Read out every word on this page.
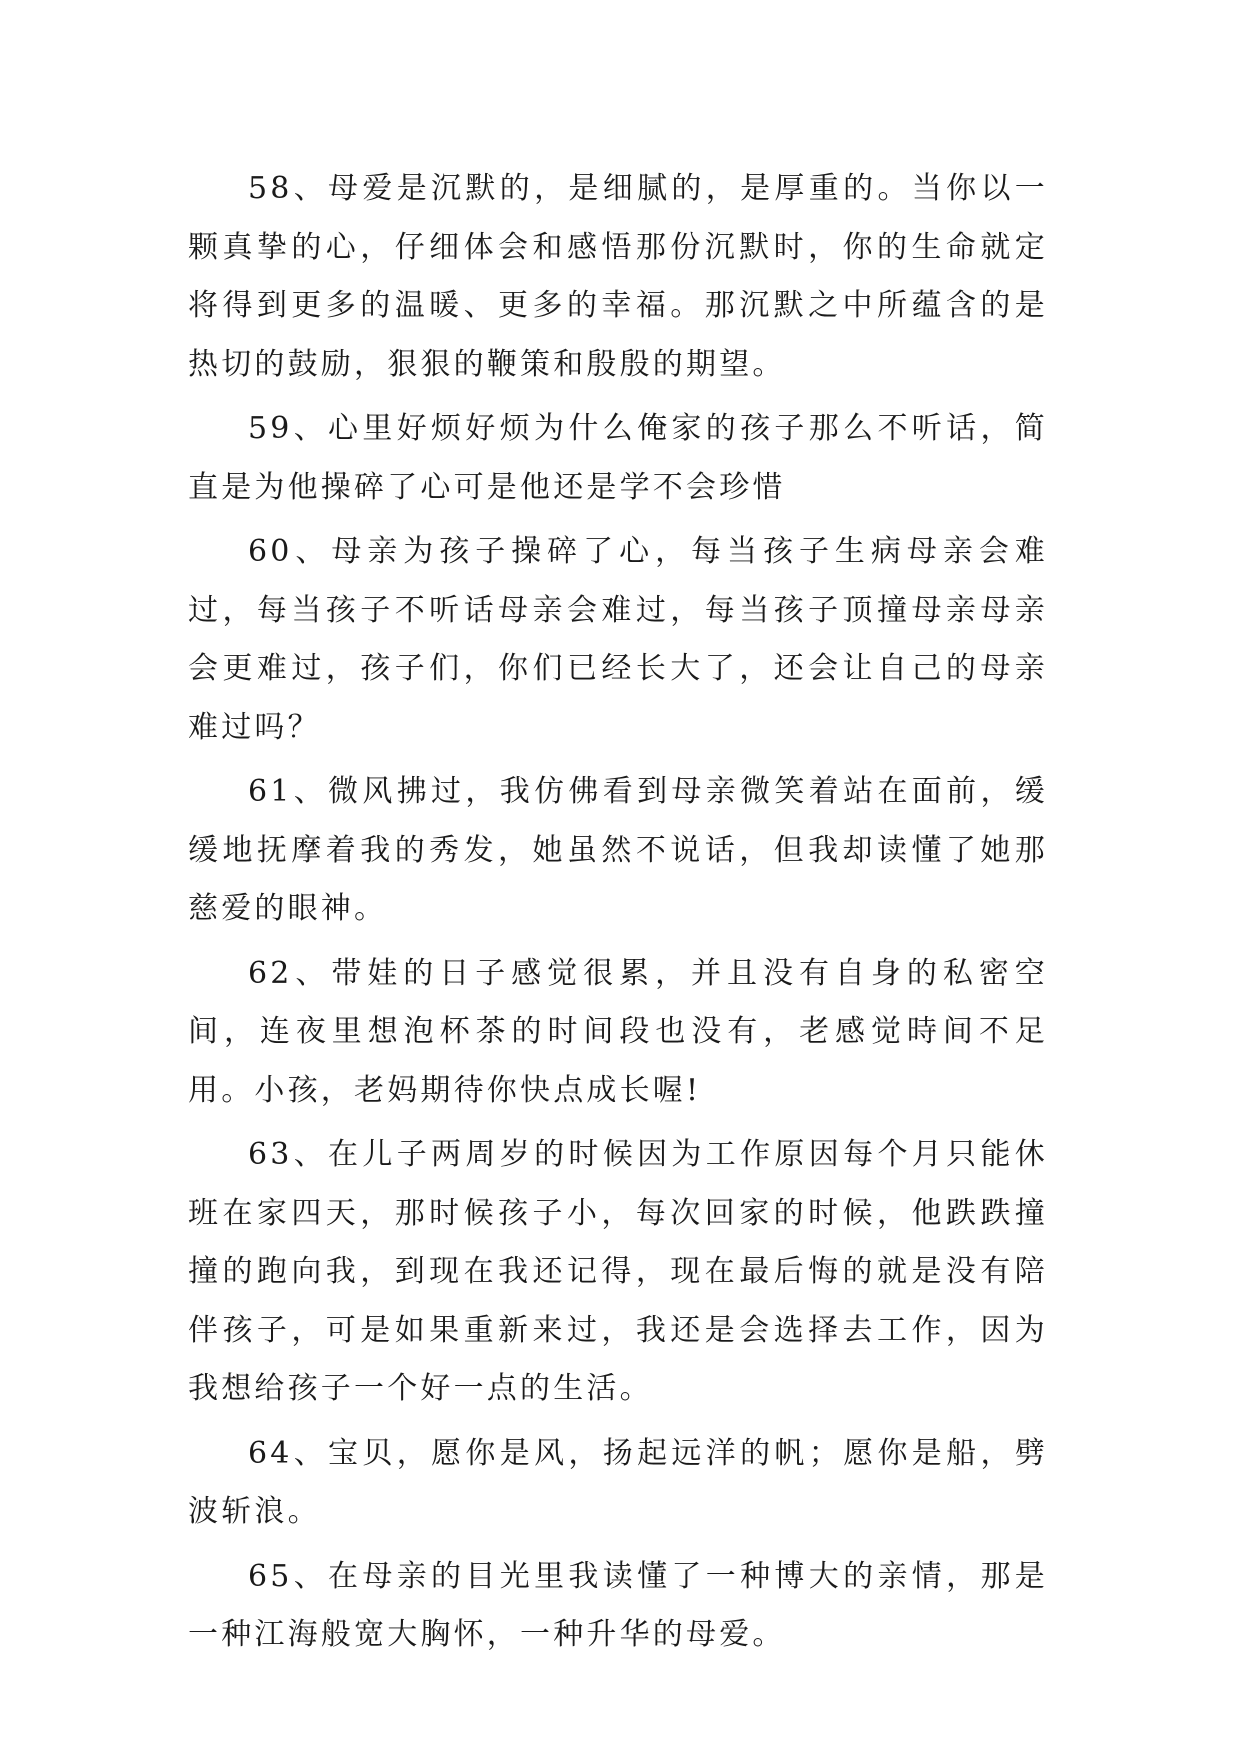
58、母爱是沉默的，是细腻的，是厚重的。当你以一颗真挚的心，仔细体会和感悟那份沉默时，你的生命就定将得到更多的温暖、更多的幸福。那沉默之中所蕴含的是热切的鼓励，狠狠的鞭策和殷殷的期望。

59、心里好烦好烦为什么俺家的孩子那么不听话，简直是为他操碎了心可是他还是学不会珍惜

60、母亲为孩子操碎了心，每当孩子生病母亲会难过，每当孩子不听话母亲会难过，每当孩子顶撞母亲母亲会更难过，孩子们，你们已经长大了，还会让自己的母亲难过吗？

61、微风拂过，我仿佛看到母亲微笑着站在面前，缓缓地抚摩着我的秀发，她虽然不说话，但我却读懂了她那慈爱的眼神。

62、带娃的日子感觉很累，并且没有自身的私密空间，连夜里想泡杯茶的时间段也没有，老感觉時间不足用。小孩，老妈期待你快点成长喔!

63、在儿子两周岁的时候因为工作原因每个月只能休班在家四天，那时候孩子小，每次回家的时候，他跌跌撞撞的跑向我，到现在我还记得，现在最后悔的就是没有陪伴孩子，可是如果重新来过，我还是会选择去工作，因为我想给孩子一个好一点的生活。

64、宝贝，愿你是风，扬起远洋的帆；愿你是船，劈波斩浪。

65、在母亲的目光里我读懂了一种博大的亲情，那是一种江海般宽大胸怀，一种升华的母爱。
